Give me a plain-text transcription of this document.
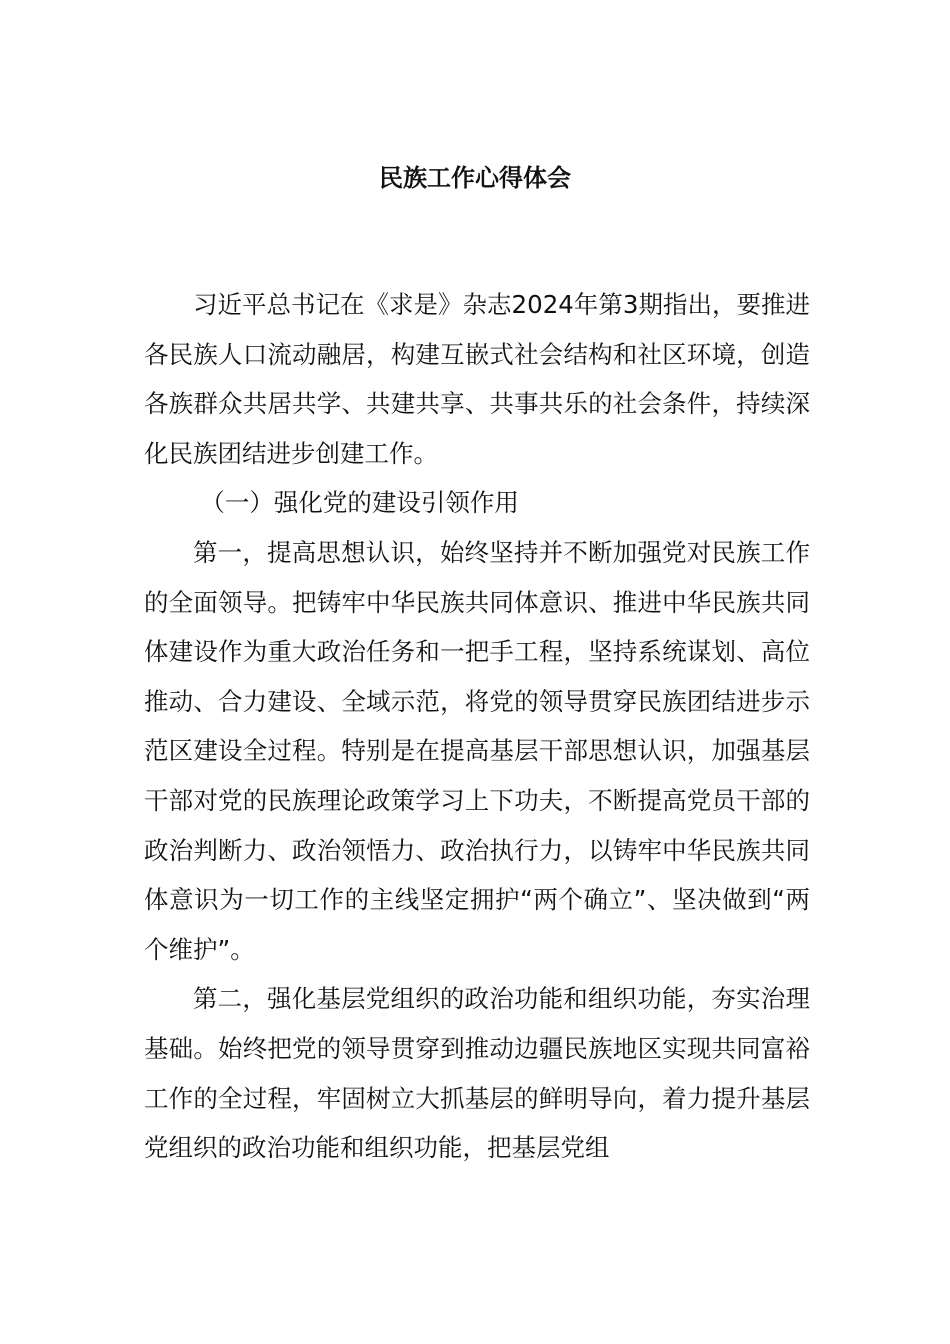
民族工作心得体会

习近平总书记在《求是》杂志2024年第3期指出，要推进各民族人口流动融居，构建互嵌式社会结构和社区环境，创造各族群众共居共学、共建共享、共事共乐的社会条件，持续深化民族团结进步创建工作。

（一）强化党的建设引领作用

第一，提高思想认识，始终坚持并不断加强党对民族工作的全面领导。把铸牢中华民族共同体意识、推进中华民族共同体建设作为重大政治任务和一把手工程，坚持系统谋划、高位推动、合力建设、全域示范，将党的领导贯穿民族团结进步示范区建设全过程。特别是在提高基层干部思想认识，加强基层干部对党的民族理论政策学习上下功夫，不断提高党员干部的政治判断力、政治领悟力、政治执行力，以铸牢中华民族共同体意识为一切工作的主线坚定拥护“两个确立”、坚决做到“两个维护”。

第二，强化基层党组织的政治功能和组织功能，夯实治理基础。始终把党的领导贯穿到推动边疆民族地区实现共同富裕工作的全过程，牢固树立大抓基层的鲜明导向，着力提升基层党组织的政治功能和组织功能，把基层党组
